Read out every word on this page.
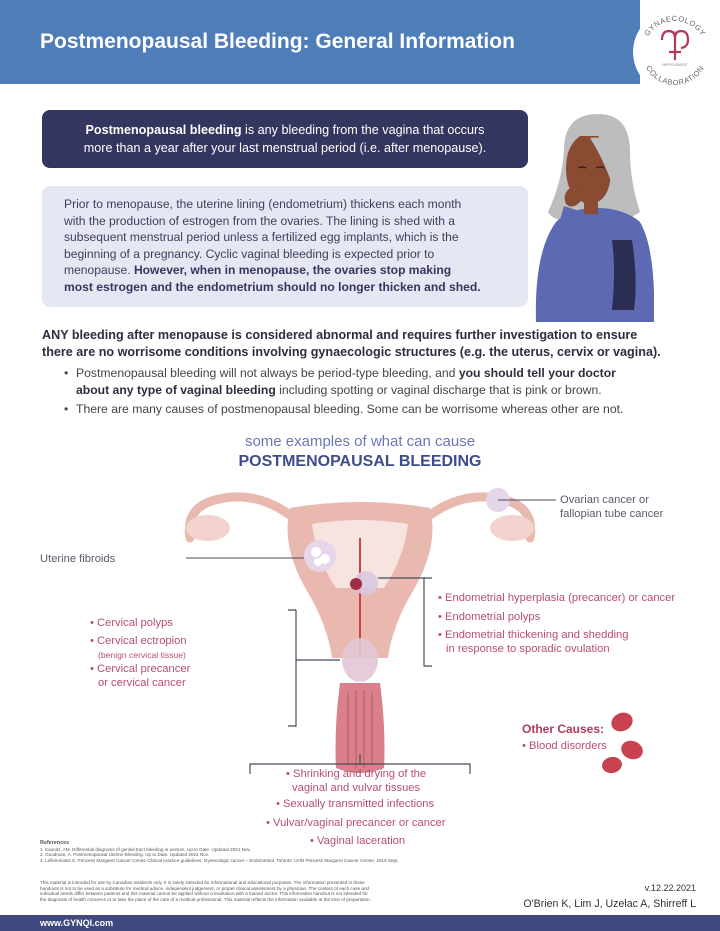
Postmenopausal Bleeding: General Information	GYNAECOLOGY
QUALITY
IMPROVEMENT
COLLABORATION
Postmenopausal bleeding is any bleeding from the vagina that occurs
more than a year after your last menstrual period (i.e. after menopause).
Prior to menopause, the uterine lining (endometrium) thickens each month
with the production of estrogen from the ovaries. The lining is shed with a
subsequent menstrual period unless a fertilized egg implants, which is the
beginning of a pregnancy. Cyclic vaginal bleeding is expected prior to
menopause. However, when in menopause, the ovaries stop making
most estrogen and the endometrium should no longer thicken and shed.
ANY bleeding after menopause is considered abnormal and requires further investigation to ensure
there are no worrisome conditions involving gynaecologic structures (e.g. the uterus, cervix or vagina).
• Postmenopausal bleeding will not always be period-type bleeding, and you should tell your doctor
about any type of vaginal bleeding including spotting or vaginal discharge that is pink or brown.
• There are many causes of postmenopausal bleeding. Some can be worrisome whereas other are not.
some examples of what can cause
POSTMENOPAUSAL BLEEDING
Ovarian cancer or
fallopian tube cancer
Uterine fibroids
• Endometrial hyperplasia (precancer) or cancer
• Endometrial polyps
• Endometrial thickening and shedding
in response to sporadic ovulation
• Cervical polyps
• Cervical ectropion
(benign cervical tissue)
• Cervical precancer
or cervical cancer
• Shrinking and drying of the
vaginal and vulvar tissues
• Sexually transmitted infections
• Vulvar/vaginal precancer or cancer
• Vaginal laceration
Other Causes:
• Blood disorders
References
1. Kaunitz, AM. Differential diagnosis of genital tract bleeding in women. Up to Date. Updated 2021 Nov.
2. Goodman, A. Postmenopausal Uterine Bleeding. Up to Date. Updated 2021 Nov.
3. Lefkimmiatis S. Princess Margaret Cancer Centre Clinical practice guidelines. Gynecologic cancer – Endometrial. Toronto: UHN Princess Margaret Cancer Centre; 2019 Sept.
This material is intended for use by Canadian residents only. It is solely intended for informational and educational purposes. The information presented in these
handouts is not to be used as a substitute for medical advice, independent judgement, or proper clinical assessment by a physician. The content of each case and
individual needs differ between patients and this material cannot be applied without consultation with a trained doctor. This information handout is not intended for
the diagnosis of health concerns or to take the place of the care of a medical professional. This material reflects the information available at the time of preparation.
v.12.22.2021
O'Brien K, Lim J, Uzelac A, Shirreff L
www.GYNQI.com
